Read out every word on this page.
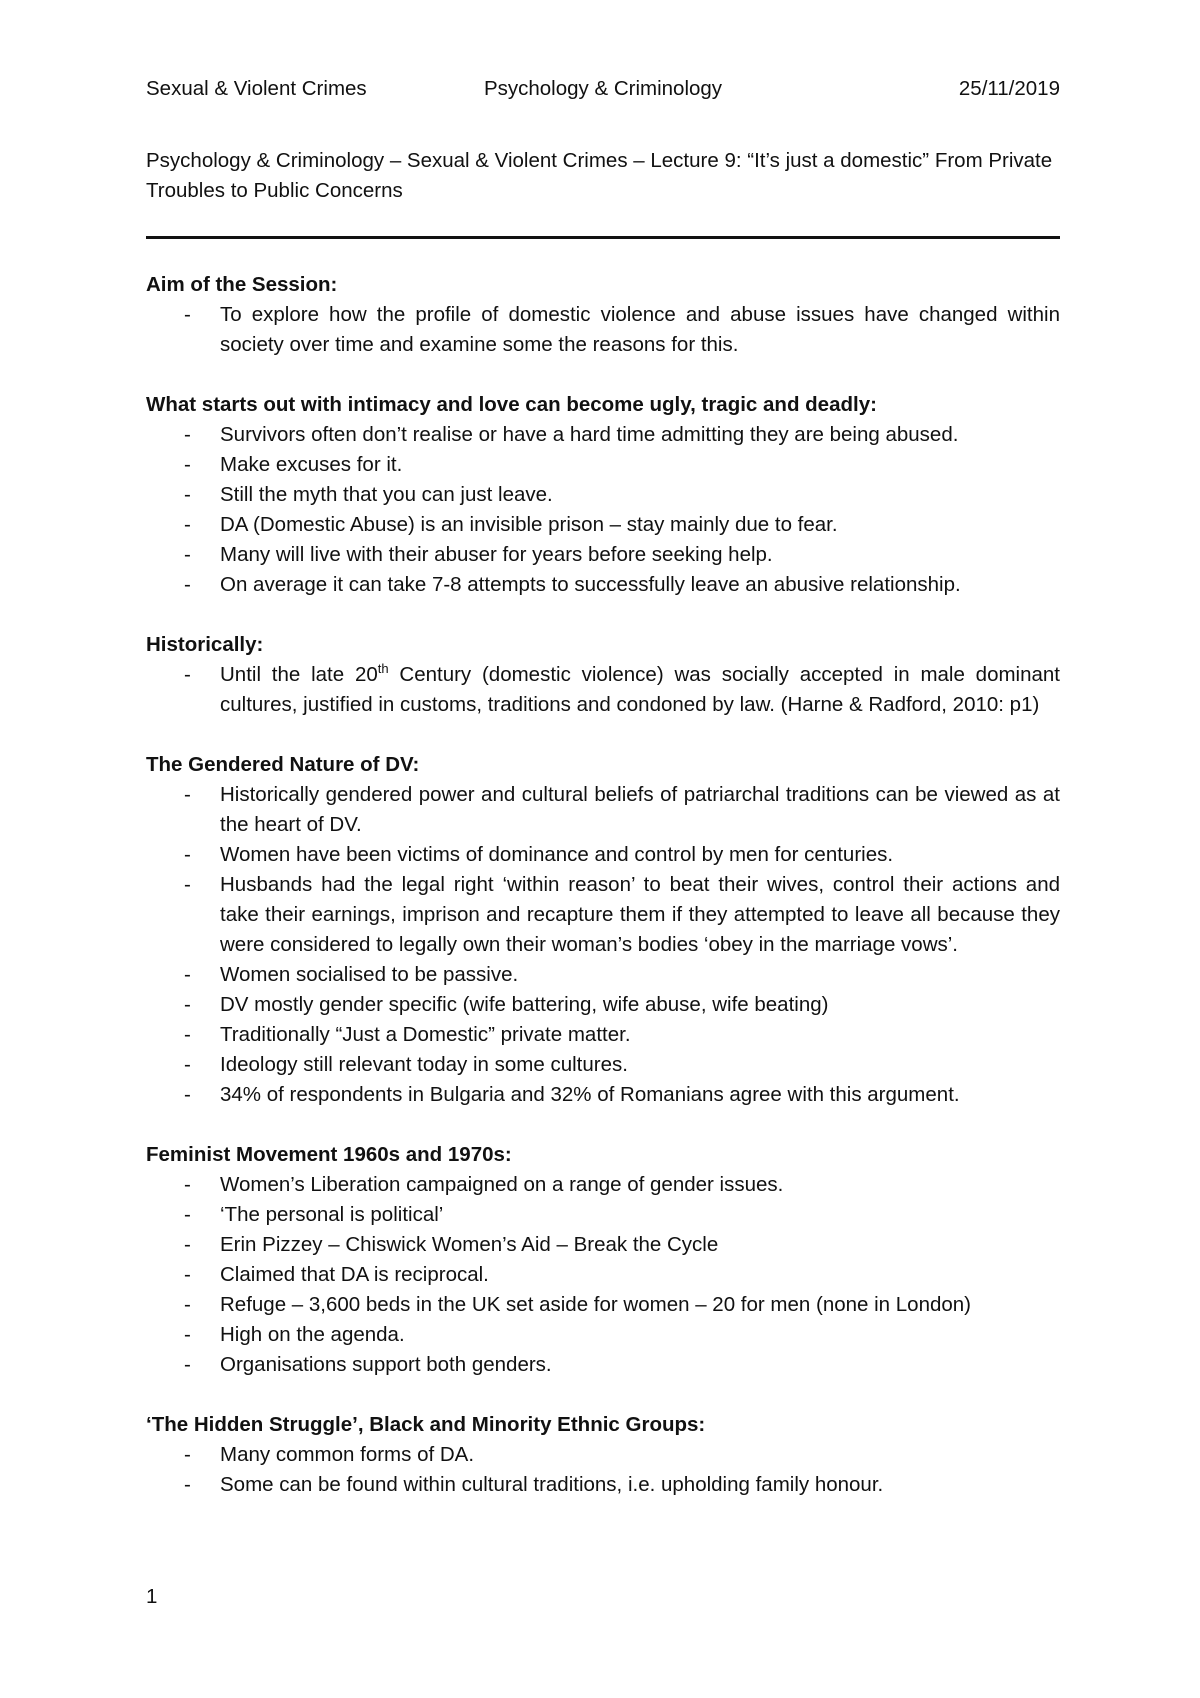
Sexual & Violent Crimes	Psychology & Criminology	25/11/2019
Psychology & Criminology – Sexual & Violent Crimes – Lecture 9: “It’s just a domestic” From Private Troubles to Public Concerns

Aim of the Session:

- To explore how the profile of domestic violence and abuse issues have changed within society over time and examine some the reasons for this.

What starts out with intimacy and love can become ugly, tragic and deadly:

- Survivors often don’t realise or have a hard time admitting they are being abused.
- Make excuses for it.
- Still the myth that you can just leave.
- DA (Domestic Abuse) is an invisible prison – stay mainly due to fear.
- Many will live with their abuser for years before seeking help.
- On average it can take 7-8 attempts to successfully leave an abusive relationship.

Historically:

- Until the late 20th Century (domestic violence) was socially accepted in male dominant cultures, justified in customs, traditions and condoned by law. (Harne & Radford, 2010: p1)

The Gendered Nature of DV:

- Historically gendered power and cultural beliefs of patriarchal traditions can be viewed as at the heart of DV.
- Women have been victims of dominance and control by men for centuries.
- Husbands had the legal right ‘within reason’ to beat their wives, control their actions and take their earnings, imprison and recapture them if they attempted to leave all because they were considered to legally own their woman’s bodies ‘obey in the marriage vows’.
- Women socialised to be passive.
- DV mostly gender specific (wife battering, wife abuse, wife beating)
- Traditionally “Just a Domestic” private matter.
- Ideology still relevant today in some cultures.
- 34% of respondents in Bulgaria and 32% of Romanians agree with this argument.

Feminist Movement 1960s and 1970s:

- Women’s Liberation campaigned on a range of gender issues.
- ‘The personal is political’
- Erin Pizzey – Chiswick Women’s Aid – Break the Cycle
- Claimed that DA is reciprocal.
- Refuge – 3,600 beds in the UK set aside for women – 20 for men (none in London)
- High on the agenda.
- Organisations support both genders.

‘The Hidden Struggle’, Black and Minority Ethnic Groups:

- Many common forms of DA.
- Some can be found within cultural traditions, i.e. upholding family honour.
1
